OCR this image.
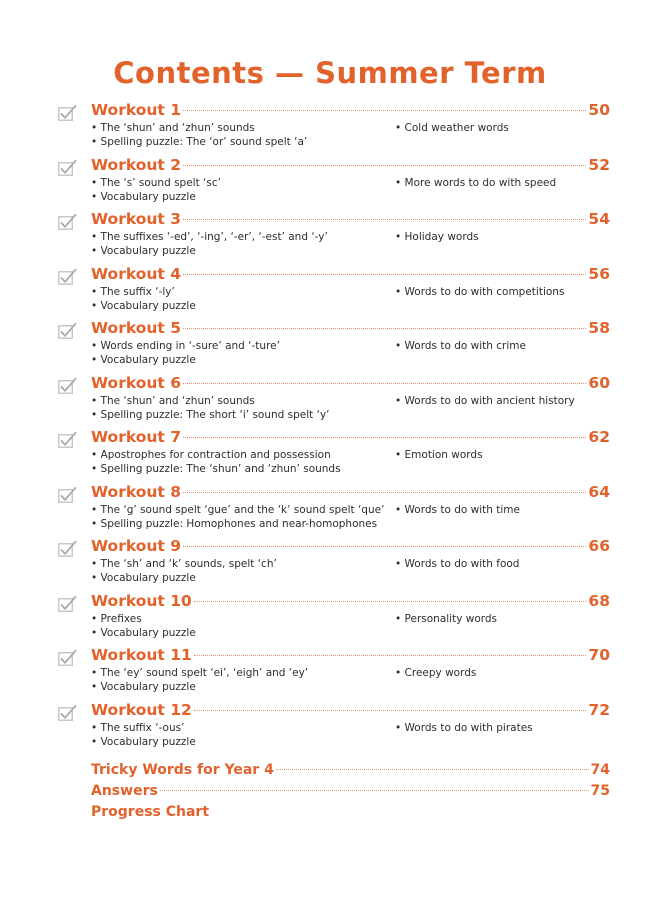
Contents — Summer Term
Workout 1	50
• The ‘shun’ and ‘zhun’ sounds
• Spelling puzzle: The ‘or’ sound spelt ‘a’
• Cold weather words
Workout 2	52
• The ‘s’ sound spelt ‘sc’
• Vocabulary puzzle
• More words to do with speed
Workout 3	54
• The suffixes ‘-ed’, ‘-ing’, ‘-er’, ‘-est’ and ‘-y’
• Vocabulary puzzle
• Holiday words
Workout 4	56
• The suffix ‘-ly’
• Vocabulary puzzle
• Words to do with competitions
Workout 5	58
• Words ending in ‘-sure’ and ‘-ture’
• Vocabulary puzzle
• Words to do with crime
Workout 6	60
• The ‘shun’ and ‘zhun’ sounds
• Spelling puzzle: The short ‘i’ sound spelt ‘y’
• Words to do with ancient history
Workout 7	62
• Apostrophes for contraction and possession
• Spelling puzzle: The ‘shun’ and ‘zhun’ sounds
• Emotion words
Workout 8	64
• The ‘g’ sound spelt ‘gue’ and the ‘k’ sound spelt ‘que’
• Spelling puzzle: Homophones and near-homophones
• Words to do with time
Workout 9	66
• The ‘sh’ and ‘k’ sounds, spelt ‘ch’
• Vocabulary puzzle
• Words to do with food
Workout 10	68
• Prefixes
• Vocabulary puzzle
• Personality words
Workout 11	70
• The ‘ey’ sound spelt ‘ei’, ‘eigh’ and ‘ey’
• Vocabulary puzzle
• Creepy words
Workout 12	72
• The suffix ‘-ous’
• Vocabulary puzzle
• Words to do with pirates
Tricky Words for Year 4	74
Answers	75
Progress Chart
